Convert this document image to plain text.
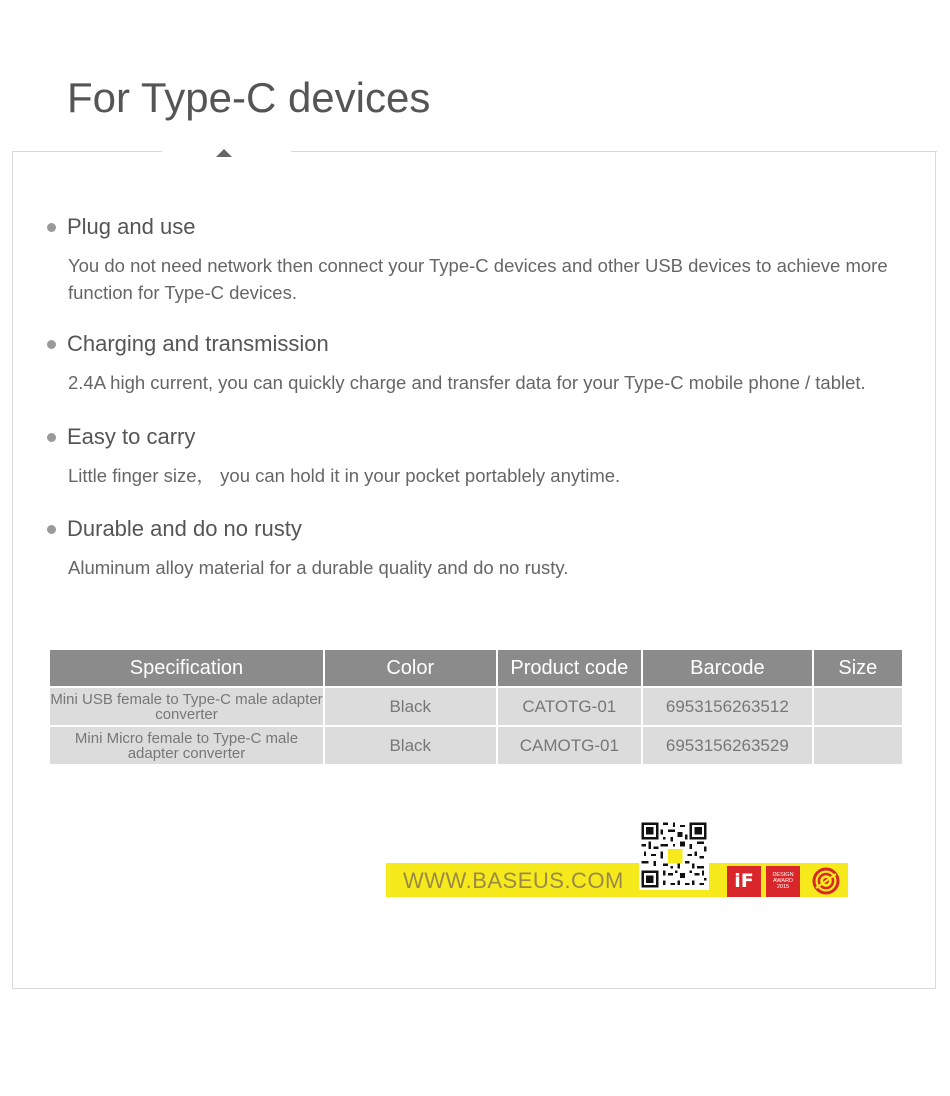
For Type-C devices
Plug and use
You do not need network then connect your Type-C devices and other USB devices to achieve more function for Type-C devices.
Charging and transmission
2.4A high current, you can quickly charge and transfer data for your Type-C mobile phone / tablet.
Easy to carry
Little finger size， you can hold it in your pocket portablely anytime.
Durable and do no rusty
Aluminum alloy material for a durable quality and do no rusty.
Specification	Color	Product code	Barcode	Size
Mini USB female to Type-C male adapter converter	Black	CATOTG-01	6953156263512	
Mini Micro female to Type-C male adapter converter	Black	CAMOTG-01	6953156263529	
WWW.BASEUS.COM	iF	DESIGN
AWARD
2015
